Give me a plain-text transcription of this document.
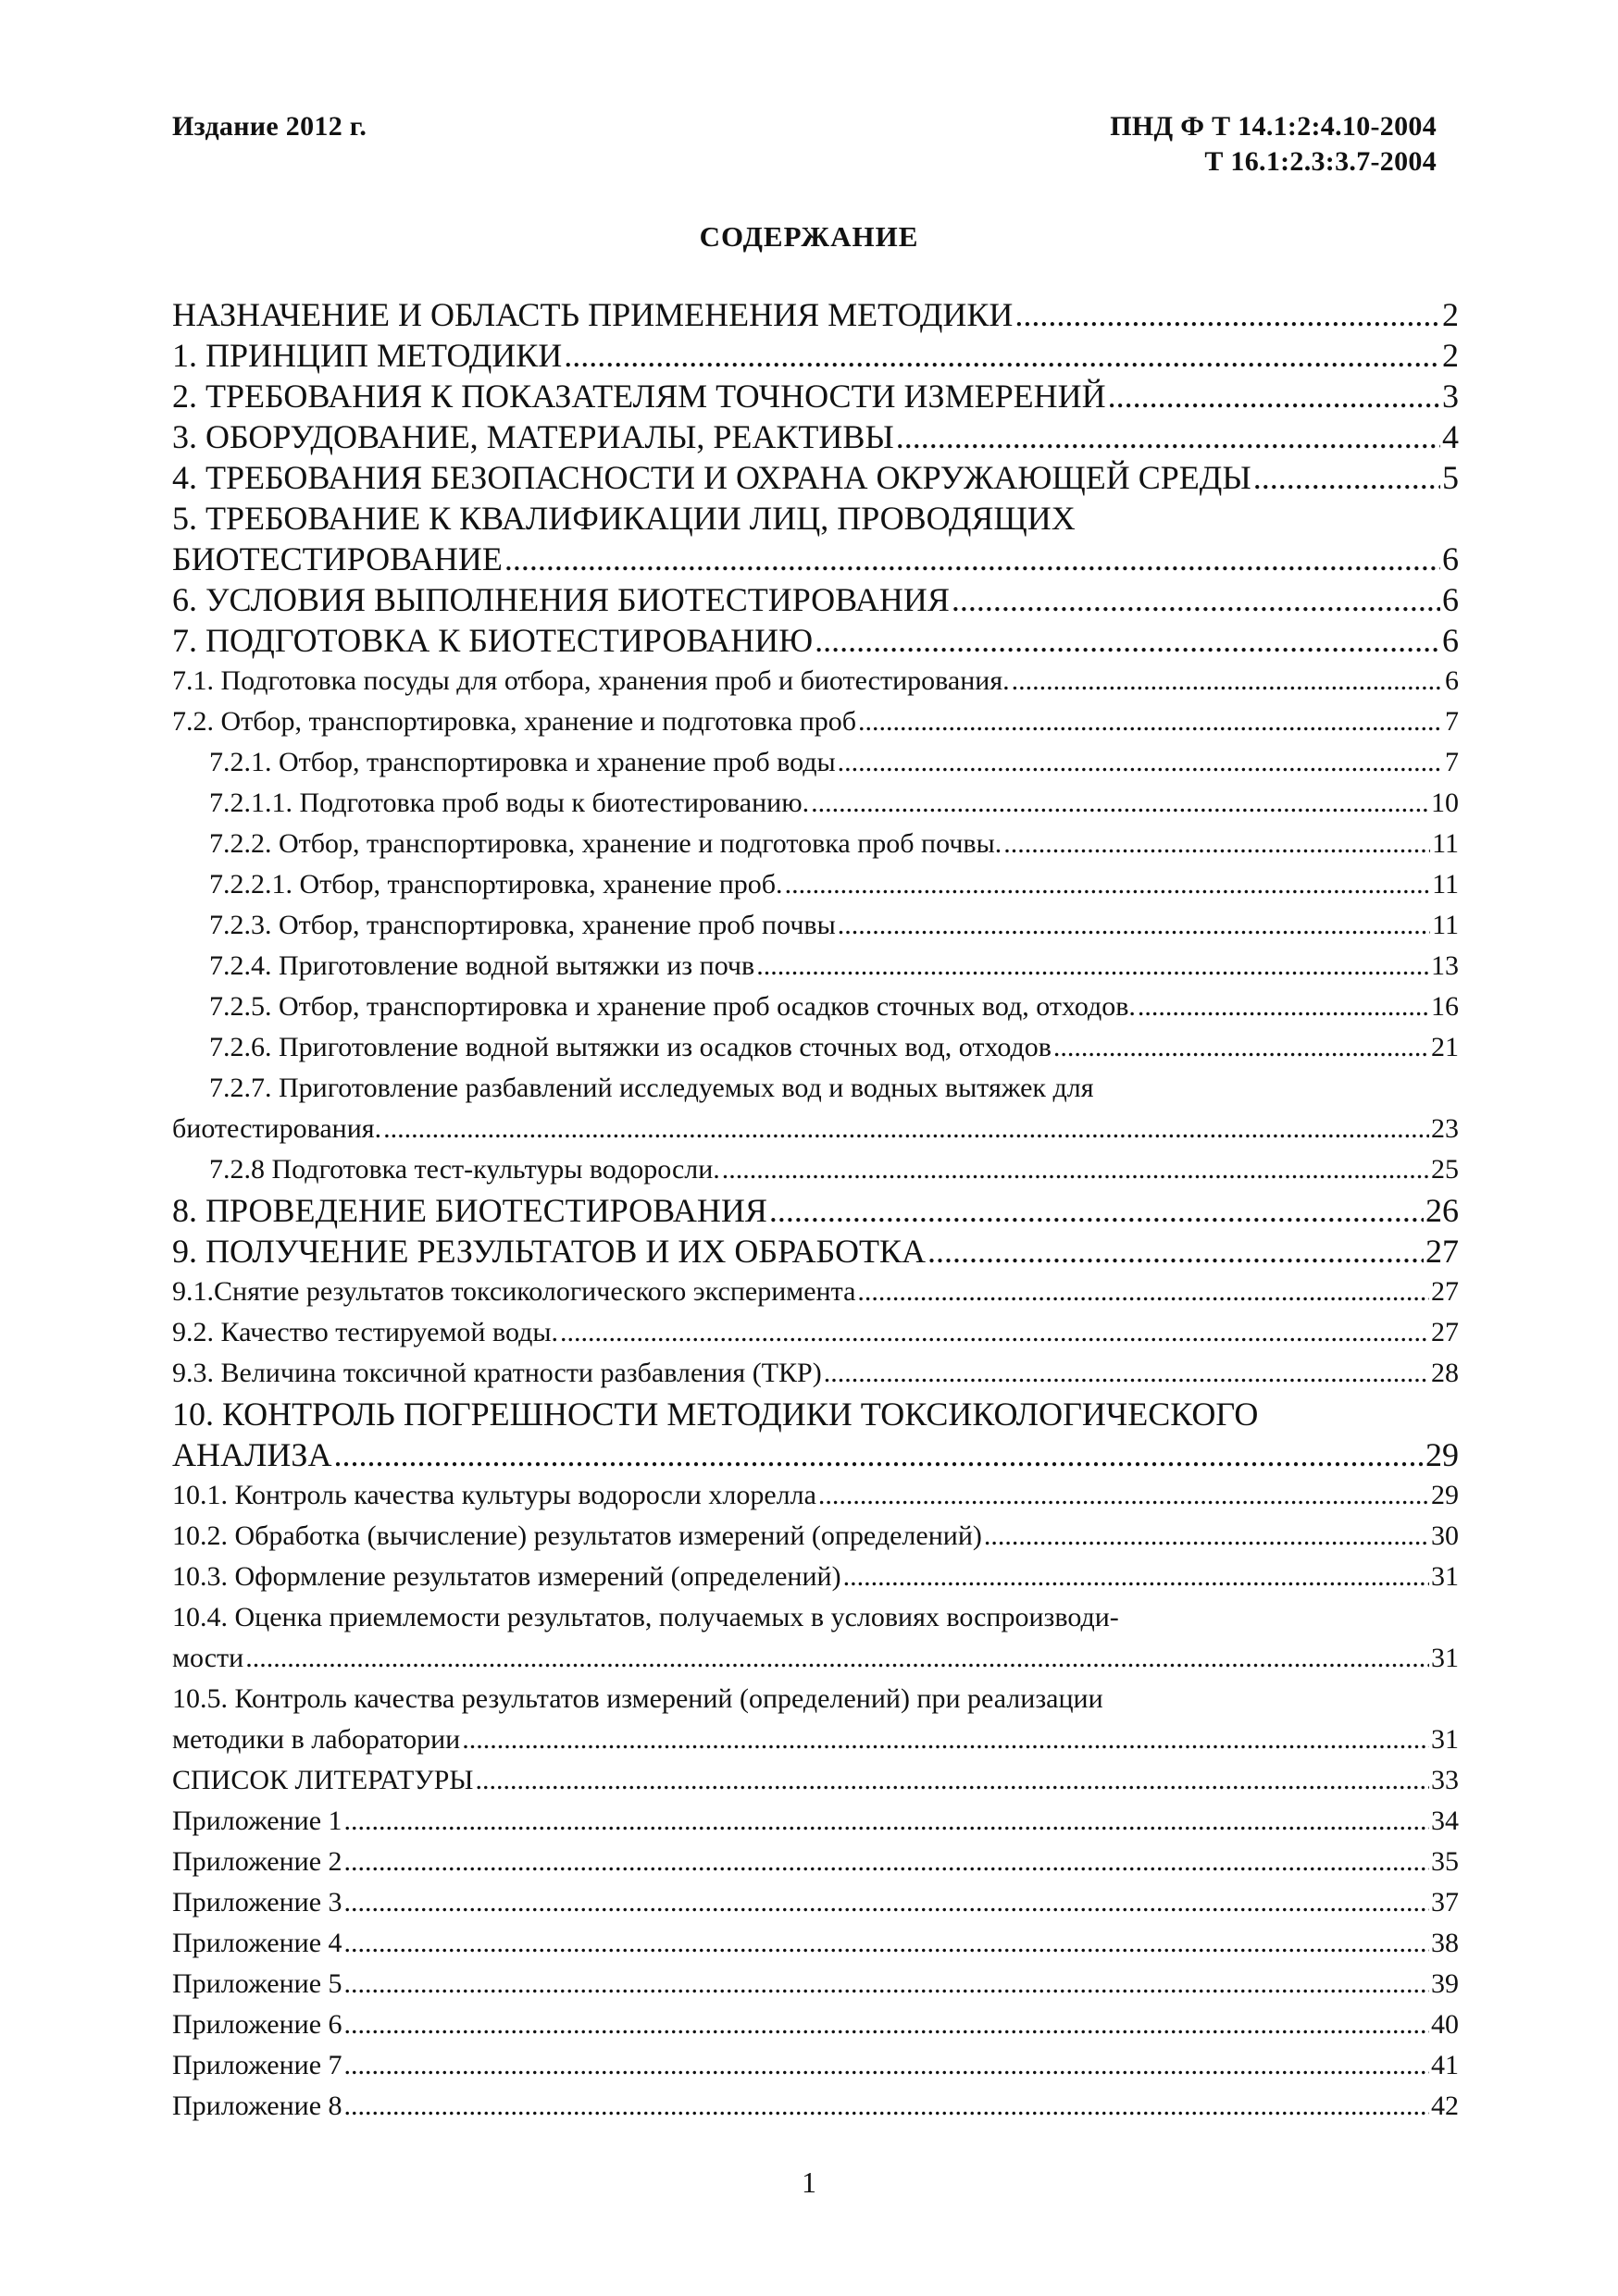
Издание 2012 г.	ПНД Ф Т 14.1:2:4.10-2004
Т 16.1:2.3:3.7-2004
СОДЕРЖАНИЕ
НАЗНАЧЕНИЕ И ОБЛАСТЬ ПРИМЕНЕНИЯ МЕТОДИКИ .....	2
1. ПРИНЦИП МЕТОДИКИ .....	2
2. ТРЕБОВАНИЯ К ПОКАЗАТЕЛЯМ ТОЧНОСТИ ИЗМЕРЕНИЙ .....	3
3. ОБОРУДОВАНИЕ, МАТЕРИАЛЫ, РЕАКТИВЫ .....	4
4. ТРЕБОВАНИЯ БЕЗОПАСНОСТИ И ОХРАНА ОКРУЖАЮЩЕЙ СРЕДЫ .....	5
5. ТРЕБОВАНИЕ К КВАЛИФИКАЦИИ ЛИЦ, ПРОВОДЯЩИХ
БИОТЕСТИРОВАНИЕ .....	6
6. УСЛОВИЯ ВЫПОЛНЕНИЯ БИОТЕСТИРОВАНИЯ .....	6
7. ПОДГОТОВКА К БИОТЕСТИРОВАНИЮ .....	6
7.1. Подготовка посуды для отбора, хранения проб и биотестирования. .....	6
7.2. Отбор, транспортировка, хранение и подготовка проб .....	7
7.2.1. Отбор, транспортировка и хранение проб воды .....	7
7.2.1.1. Подготовка проб воды к биотестированию. .....	10
7.2.2. Отбор, транспортировка, хранение и подготовка проб почвы. .....	11
7.2.2.1. Отбор, транспортировка, хранение проб. .....	11
7.2.3. Отбор, транспортировка, хранение проб почвы .....	11
7.2.4. Приготовление водной вытяжки из почв .....	13
7.2.5. Отбор, транспортировка и хранение проб осадков сточных вод, отходов. .....	16
7.2.6. Приготовление водной вытяжки из осадков сточных вод, отходов .....	21
7.2.7. Приготовление разбавлений исследуемых вод и водных вытяжек для
биотестирования. .....	23
7.2.8 Подготовка тест-культуры водоросли. .....	25
8. ПРОВЕДЕНИЕ БИОТЕСТИРОВАНИЯ .....	26
9. ПОЛУЧЕНИЕ РЕЗУЛЬТАТОВ И ИХ ОБРАБОТКА .....	27
9.1.Снятие результатов токсикологического эксперимента .....	27
9.2. Качество тестируемой воды. .....	27
9.3. Величина токсичной кратности разбавления (ТКР) .....	28
10. КОНТРОЛЬ ПОГРЕШНОСТИ МЕТОДИКИ ТОКСИКОЛОГИЧЕСКОГО
АНАЛИЗА .....	29
10.1. Контроль качества культуры водоросли хлорелла .....	29
10.2. Обработка (вычисление) результатов измерений (определений) .....	30
10.3. Оформление результатов измерений (определений) .....	31
10.4. Оценка приемлемости результатов, получаемых в условиях воспроизводи-
мости .....	31
10.5. Контроль качества результатов измерений (определений) при реализации
методики в лаборатории .....	31
СПИСОК ЛИТЕРАТУРЫ .....	33
Приложение 1 .....	34
Приложение 2 .....	35
Приложение 3 .....	37
Приложение 4 .....	38
Приложение 5 .....	39
Приложение 6 .....	40
Приложение 7 .....	41
Приложение 8 .....	42
1
